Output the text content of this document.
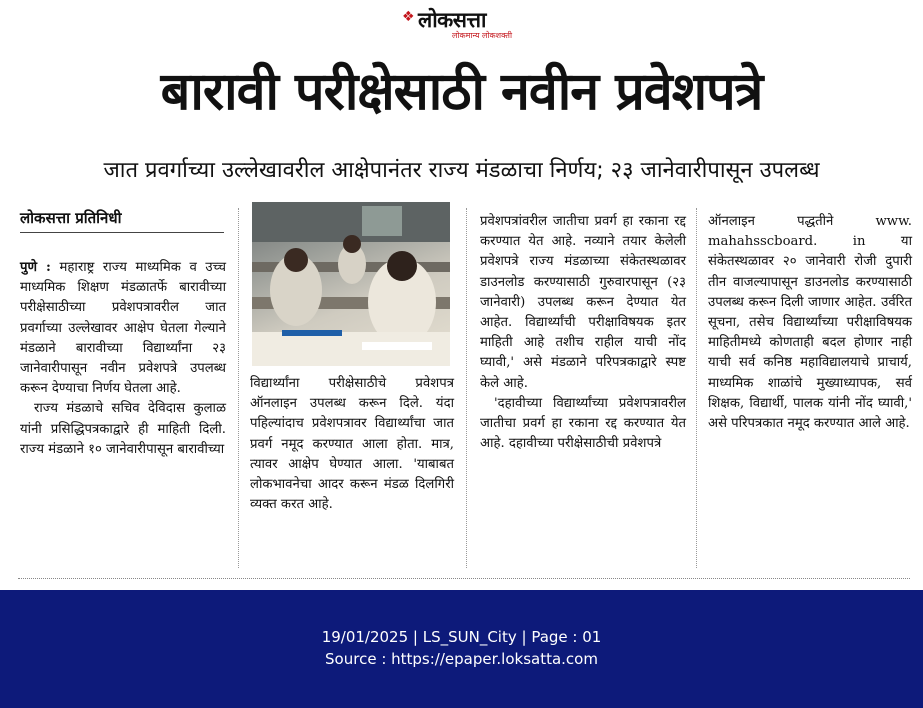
❖ लोकसत्ता
लोकमान्य लोकशक्ती
बारावी परीक्षेसाठी नवीन प्रवेशपत्रे
जात प्रवर्गाच्या उल्लेखावरील आक्षेपानंतर राज्य मंडळाचा निर्णय; २३ जानेवारीपासून उपलब्ध
लोकसत्ता प्रतिनिधी

पुणे : महाराष्ट्र राज्य माध्यमिक व उच्च माध्यमिक शिक्षण मंडळातर्फे बारावीच्या परीक्षेसाठीच्या प्रवेशपत्रावरील जात प्रवर्गाच्या उल्लेखावर आक्षेप घेतला गेल्याने मंडळाने बारावीच्या विद्यार्थ्यांना २३ जानेवारीपासून नवीन प्रवेशपत्रे उपलब्ध करून देण्याचा निर्णय घेतला आहे.

राज्य मंडळाचे सचिव देविदास कुलाळ यांनी प्रसिद्धिपत्रकाद्वारे ही माहिती दिली. राज्य मंडळाने १० जानेवारीपासून बारावीच्या

विद्यार्थ्यांना परीक्षेसाठीचे प्रवेशपत्र ऑनलाइन उपलब्ध करून दिले. यंदा पहिल्यांदाच प्रवेशपत्रावर विद्यार्थ्यांचा जात प्रवर्ग नमूद करण्यात आला होता. मात्र, त्यावर आक्षेप घेण्यात आला. 'याबाबत लोकभावनेचा आदर करून मंडळ दिलगिरी व्यक्त करत आहे.

प्रवेशपत्रांवरील जातीचा प्रवर्ग हा रकाना रद्द करण्यात येत आहे. नव्याने तयार केलेली प्रवेशपत्रे राज्य मंडळाच्या संकेतस्थळावर डाउनलोड करण्यासाठी गुरुवारपासून (२३ जानेवारी) उपलब्ध करून देण्यात येत आहेत. विद्यार्थ्यांची परीक्षाविषयक इतर माहिती आहे तशीच राहील याची नोंद घ्यावी,' असे मंडळाने परिपत्रकाद्वारे स्पष्ट केले आहे.

'दहावीच्या विद्यार्थ्यांच्या प्रवेशपत्रावरील जातीचा प्रवर्ग हा रकाना रद्द करण्यात येत आहे. दहावीच्या परीक्षेसाठीची प्रवेशपत्रे

ऑनलाइन पद्धतीने www. mahahsscboard. in या संकेतस्थळावर २० जानेवारी रोजी दुपारी तीन वाजल्यापासून डाउनलोड करण्यासाठी उपलब्ध करून दिली जाणार आहेत. उर्वरित सूचना, तसेच विद्यार्थ्यांच्या परीक्षाविषयक माहितीमध्ये कोणताही बदल होणार नाही याची सर्व कनिष्ठ महाविद्यालयाचे प्राचार्य, माध्यमिक शाळांचे मुख्याध्यापक, सर्व शिक्षक, विद्यार्थी, पालक यांनी नोंद घ्यावी,' असे परिपत्रकात नमूद करण्यात आले आहे.

19/01/2025 | LS_SUN_City | Page : 01
Source : https://epaper.loksatta.com
